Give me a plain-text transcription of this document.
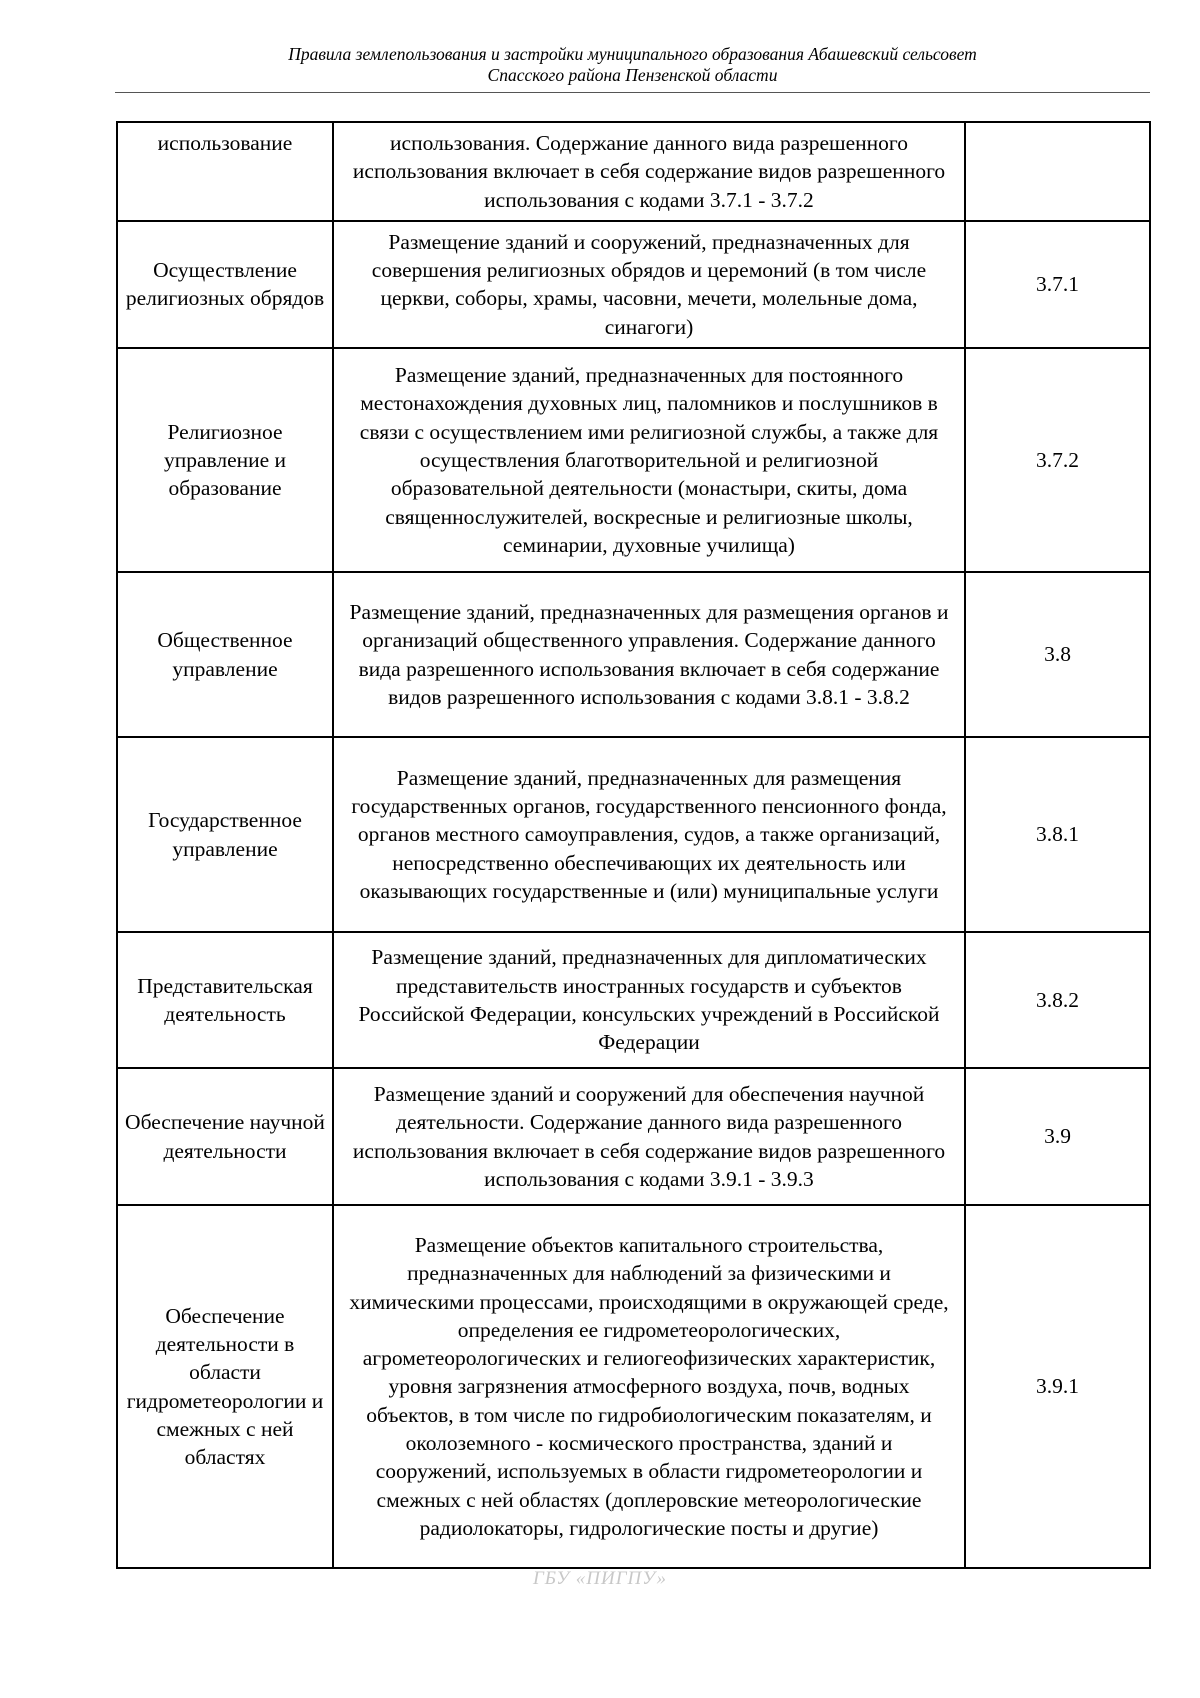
Правила землепользования и застройки муниципального образования Абашевский сельсовет
Спасского района Пензенской области
использование	использования. Содержание данного вида разрешенного использования включает в себя содержание видов разрешенного использования с кодами 3.7.1 - 3.7.2	
Осуществление религиозных обрядов	Размещение зданий и сооружений, предназначенных для совершения религиозных обрядов и церемоний (в том числе церкви, соборы, храмы, часовни, мечети, молельные дома, синагоги)	3.7.1
Религиозное управление и образование	Размещение зданий, предназначенных для постоянного местонахождения духовных лиц, паломников и послушников в связи с осуществлением ими религиозной службы, а также для осуществления благотворительной и религиозной образовательной деятельности (монастыри, скиты, дома священнослужителей, воскресные и религиозные школы, семинарии, духовные училища)	3.7.2
Общественное управление	Размещение зданий, предназначенных для размещения органов и организаций общественного управления. Содержание данного вида разрешенного использования включает в себя содержание видов разрешенного использования с кодами 3.8.1 - 3.8.2	3.8
Государственное управление	Размещение зданий, предназначенных для размещения государственных органов, государственного пенсионного фонда, органов местного самоуправления, судов, а также организаций, непосредственно обеспечивающих их деятельность или оказывающих государственные и (или) муниципальные услуги	3.8.1
Представительская деятельность	Размещение зданий, предназначенных для дипломатических представительств иностранных государств и субъектов Российской Федерации, консульских учреждений в Российской Федерации	3.8.2
Обеспечение научной деятельности	Размещение зданий и сооружений для обеспечения научной деятельности. Содержание данного вида разрешенного использования включает в себя содержание видов разрешенного использования с кодами 3.9.1 - 3.9.3	3.9
Обеспечение деятельности в области гидрометеорологии и смежных с ней областях	Размещение объектов капитального строительства, предназначенных для наблюдений за физическими и химическими процессами, происходящими в окружающей среде, определения ее гидрометеорологических, агрометеорологических и гелиогеофизических характеристик, уровня загрязнения атмосферного воздуха, почв, водных объектов, в том числе по гидробиологическим показателям, и околоземного - космического пространства, зданий и сооружений, используемых в области гидрометеорологии и смежных с ней областях (доплеровские метеорологические радиолокаторы, гидрологические посты и другие)	3.9.1
ГБУ «ПИГПУ»
